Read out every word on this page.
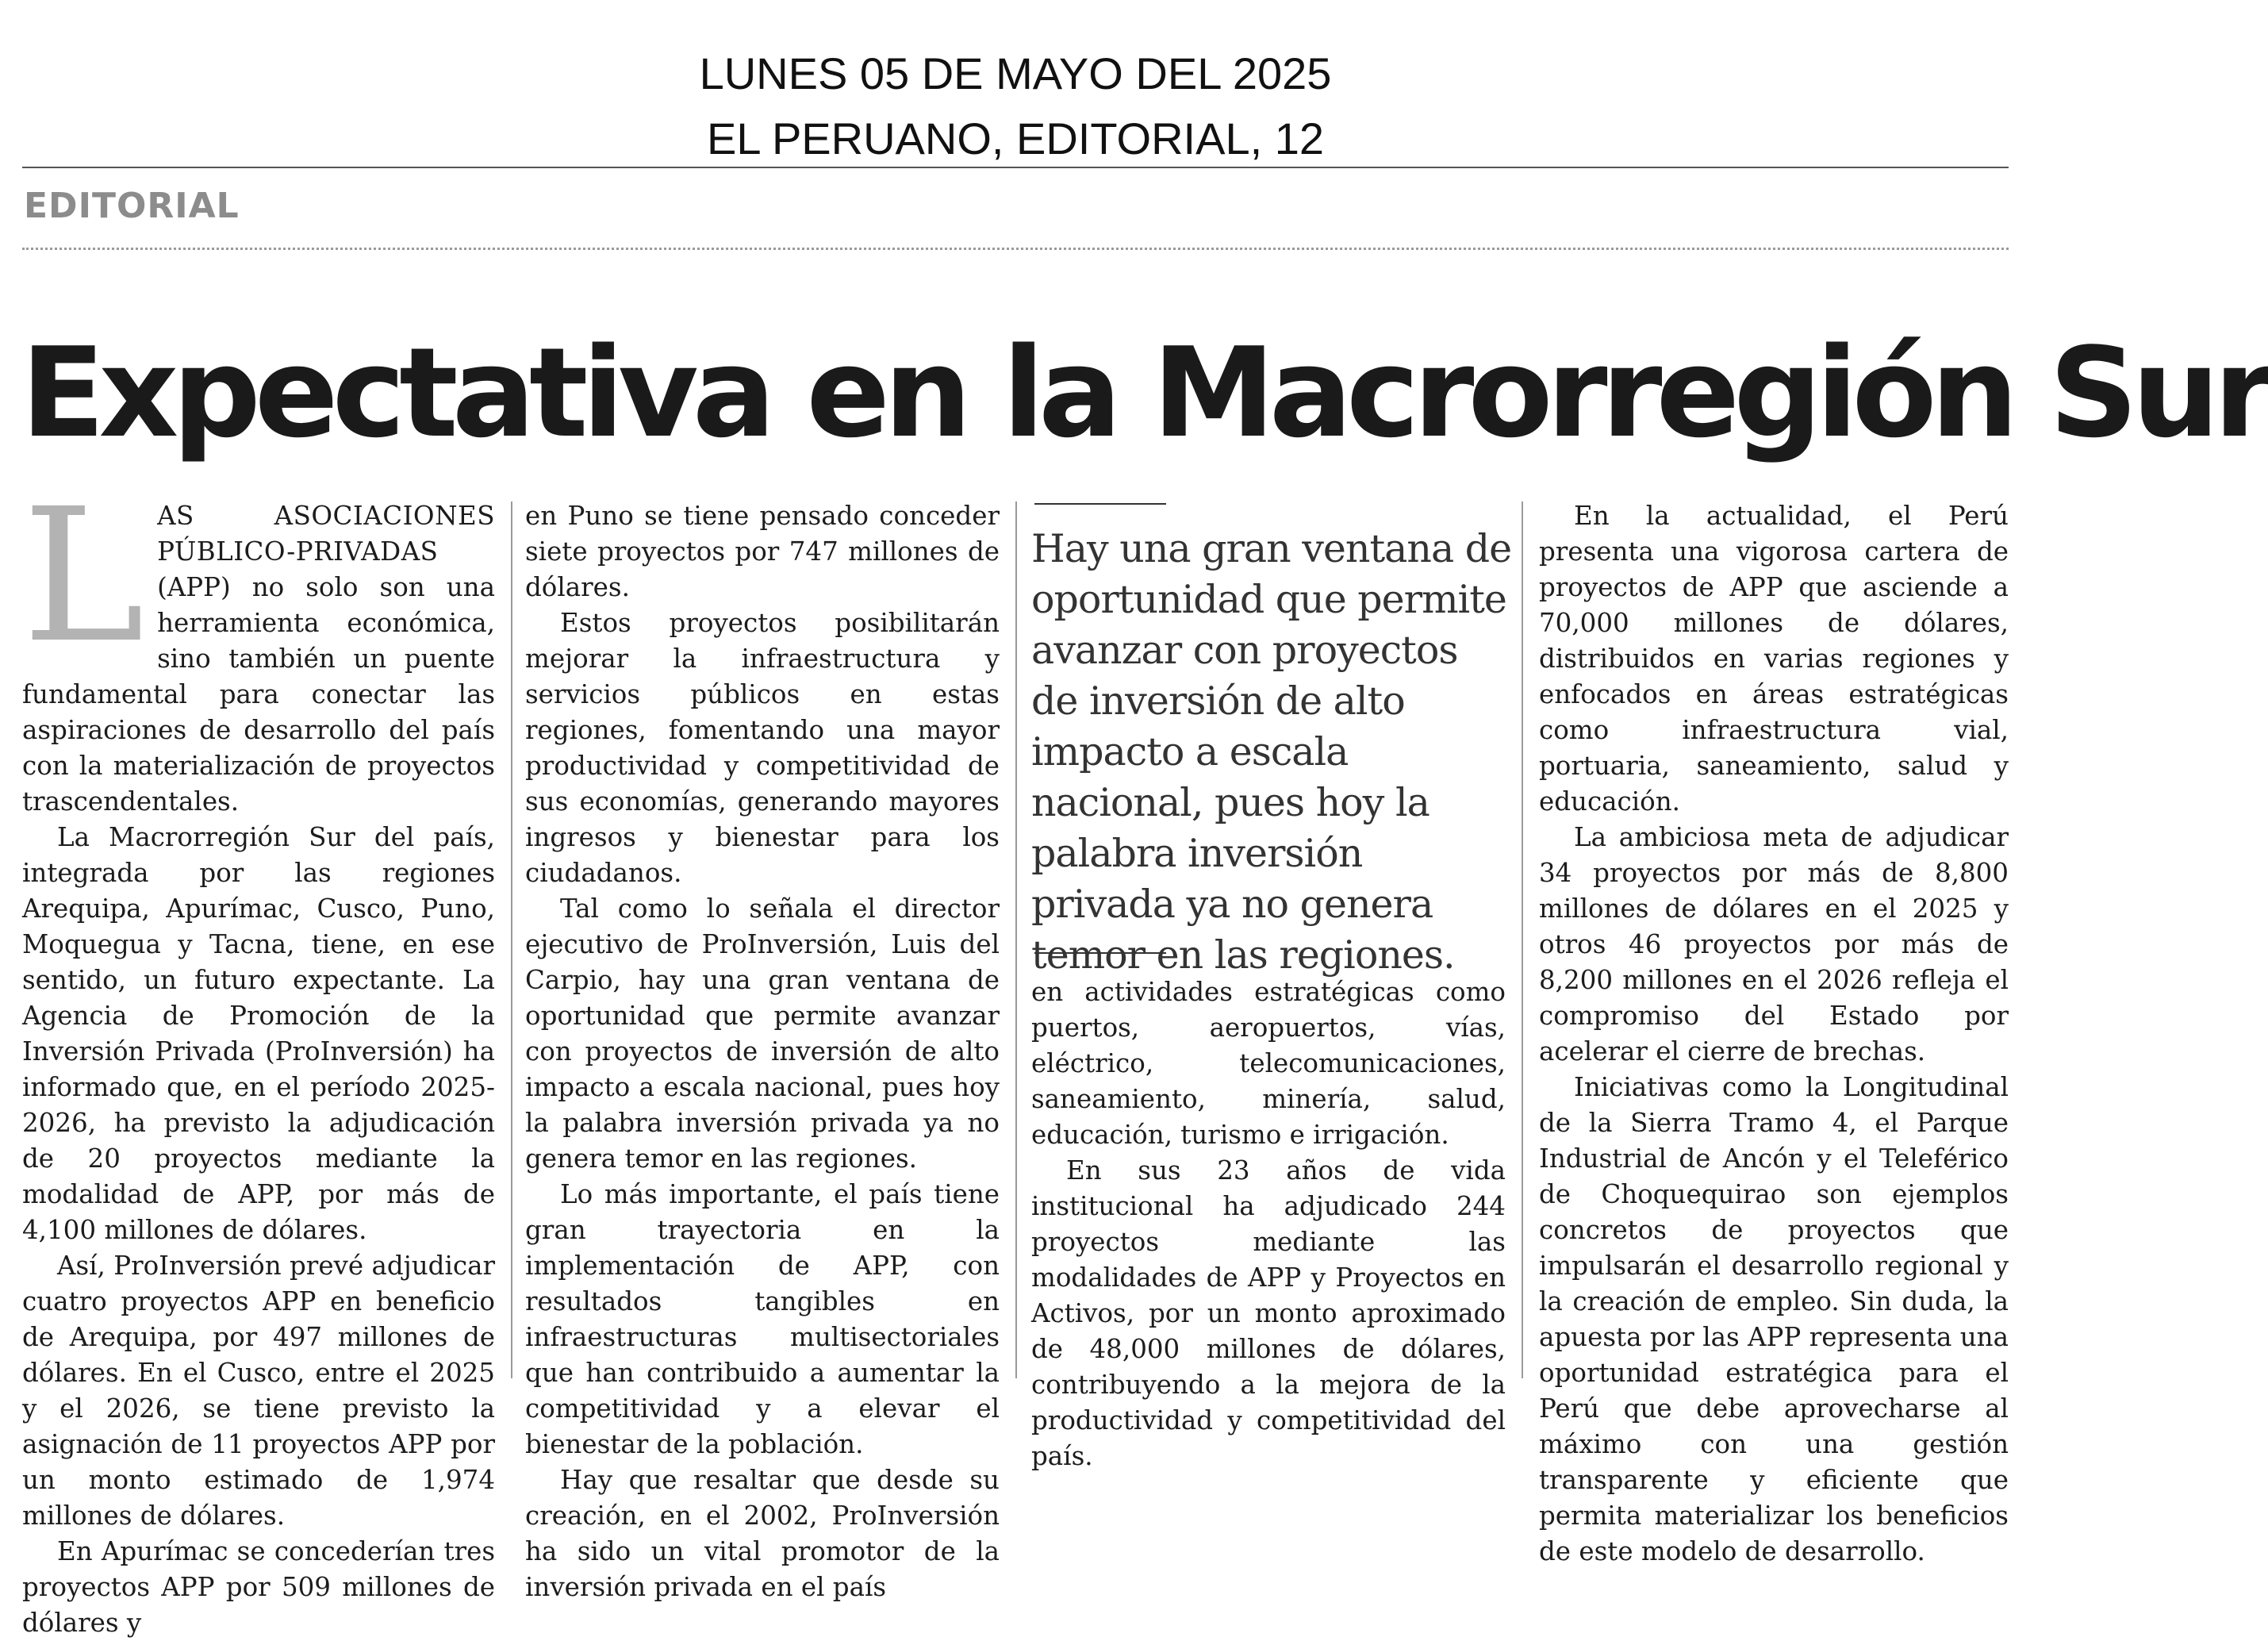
LUNES 05 DE MAYO DEL 2025
EL PERUANO, EDITORIAL, 12
EDITORIAL
Expectativa en la Macrorregión Sur

LAS ASOCIACIONES PÚBLICO-PRIVADAS (APP) no solo son una herramienta económica, sino también un puente fundamental para conectar las aspiraciones de desarrollo del país con la materialización de proyectos trascendentales.

La Macrorregión Sur del país, integrada por las regiones Arequipa, Apurímac, Cusco, Puno, Moquegua y Tacna, tiene, en ese sentido, un futuro expectante. La Agencia de Promoción de la Inversión Privada (ProInversión) ha informado que, en el período 2025-2026, ha previsto la adjudicación de 20 proyectos mediante la modalidad de APP, por más de 4,100 millones de dólares.

Así, ProInversión prevé adjudicar cuatro proyectos APP en beneficio de Arequipa, por 497 millones de dólares. En el Cusco, entre el 2025 y el 2026, se tiene previsto la asignación de 11 proyectos APP por un monto estimado de 1,974 millones de dólares.

En Apurímac se concederían tres proyectos APP por 509 millones de dólares y

en Puno se tiene pensado conceder siete proyectos por 747 millones de dólares.

Estos proyectos posibilitarán mejorar la infraestructura y servicios públicos en estas regiones, fomentando una mayor productividad y competitividad de sus economías, generando mayores ingresos y bienestar para los ciudadanos.

Tal como lo señala el director ejecutivo de ProInversión, Luis del Carpio, hay una gran ventana de oportunidad que permite avanzar con proyectos de inversión de alto impacto a escala nacional, pues hoy la palabra inversión privada ya no genera temor en las regiones.

Lo más importante, el país tiene gran trayectoria en la implementación de APP, con resultados tangibles en infraestructuras multisectoriales que han contribuido a aumentar la competitividad y a elevar el bienestar de la población.

Hay que resaltar que desde su creación, en el 2002, ProInversión ha sido un vital promotor de la inversión privada en el país

Hay una gran ventana de oportunidad que permite avanzar con proyectos de inversión de alto impacto a escala nacional, pues hoy la palabra inversión privada ya no genera temor en las regiones.

en actividades estratégicas como puertos, aeropuertos, vías, eléctrico, telecomunicaciones, saneamiento, minería, salud, educación, turismo e irrigación.

En sus 23 años de vida institucional ha adjudicado 244 proyectos mediante las modalidades de APP y Proyectos en Activos, por un monto aproximado de 48,000 millones de dólares, contribuyendo a la mejora de la productividad y competitividad del país.

En la actualidad, el Perú presenta una vigorosa cartera de proyectos de APP que asciende a 70,000 millones de dólares, distribuidos en varias regiones y enfocados en áreas estratégicas como infraestructura vial, portuaria, saneamiento, salud y educación.

La ambiciosa meta de adjudicar 34 proyectos por más de 8,800 millones de dólares en el 2025 y otros 46 proyectos por más de 8,200 millones en el 2026 refleja el compromiso del Estado por acelerar el cierre de brechas.

Iniciativas como la Longitudinal de la Sierra Tramo 4, el Parque Industrial de Ancón y el Teleférico de Choquequirao son ejemplos concretos de proyectos que impulsarán el desarrollo regional y la creación de empleo. Sin duda, la apuesta por las APP representa una oportunidad estratégica para el Perú que debe aprovecharse al máximo con una gestión transparente y eficiente que permita materializar los beneficios de este modelo de desarrollo.
